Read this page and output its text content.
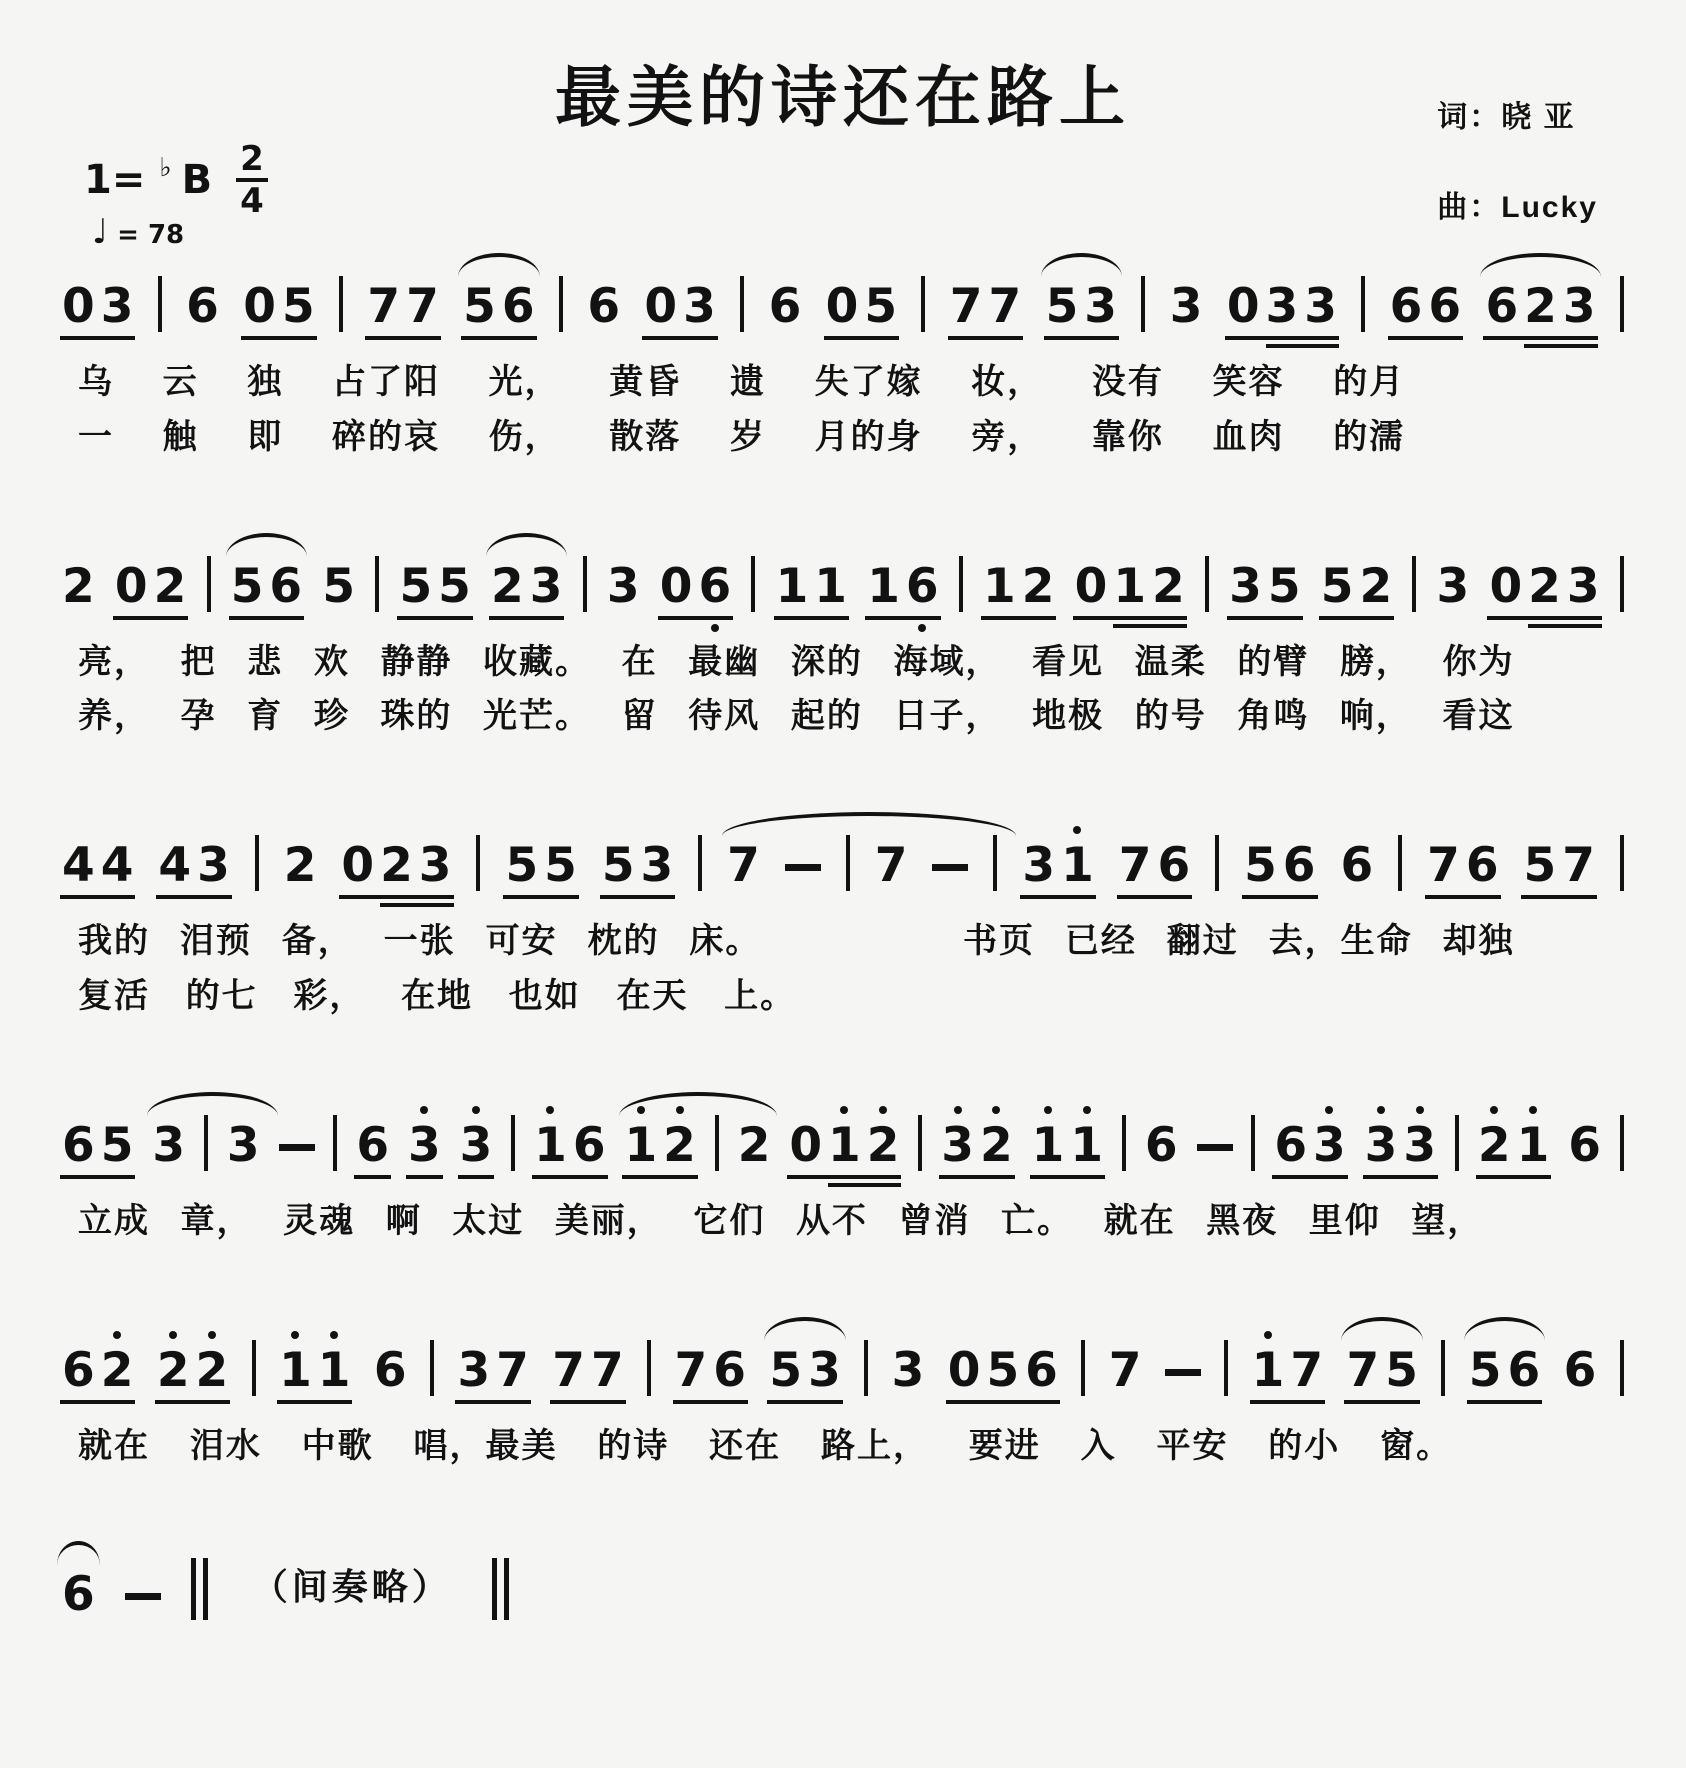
最美的诗还在路上	词：晓 亚
曲：Lucky
1= ♭ B $\frac{2}{4}$
♩ = 78
0 3 6 0 5 7 7 5 6 6 0 3 6 0 5 7 7 5 3 3 0 3 3 6 6 6 2 3
乌 云 独 占了阳 光， 黄昏 遗 失了嫁 妆， 没有 笑容 的月
一 触 即 碎的哀 伤， 散落 岁 月的身 旁， 靠你 血肉 的濡
2 0 2 5 6 5 5 5 2 3 3 0 6 1 1 1 6 1 2 0 1 2 3 5 5 2 3 0 2 3
亮， 把 悲 欢 静静 收藏。 在 最幽 深的 海域， 看见 温柔 的臂 膀， 你为
养， 孕 育 珍 珠的 光芒。 留 待风 起的 日子， 地极 的号 角鸣 响， 看这
4 4 4 3 2 0 2 3 5 5 5 3 7 7 3 1 7 6 5 6 6 7 6 5 7
我的 泪预 备， 一张 可安 枕的 床。	书页 已经 翻过 去，生命 却独
复活 的七 彩， 在地 也如 在天 上。
6 5 3 3 6 3 3 1 6 1 2 2 0 1 2 3 2 1 1 6 6 3 3 3 2 1 6
立成 章， 灵魂 啊 太过 美丽， 它们 从不 曾消 亡。 就在 黑夜 里仰 望，
6 2 2 2 1 1 6 3 7 7 7 7 6 5 3 3 0 5 6 7 1 7 7 5 5 6 6
就在 泪水 中歌 唱，最美 的诗 还在 路上， 要进 入 平安 的小 窗。
6	（间奏略）
